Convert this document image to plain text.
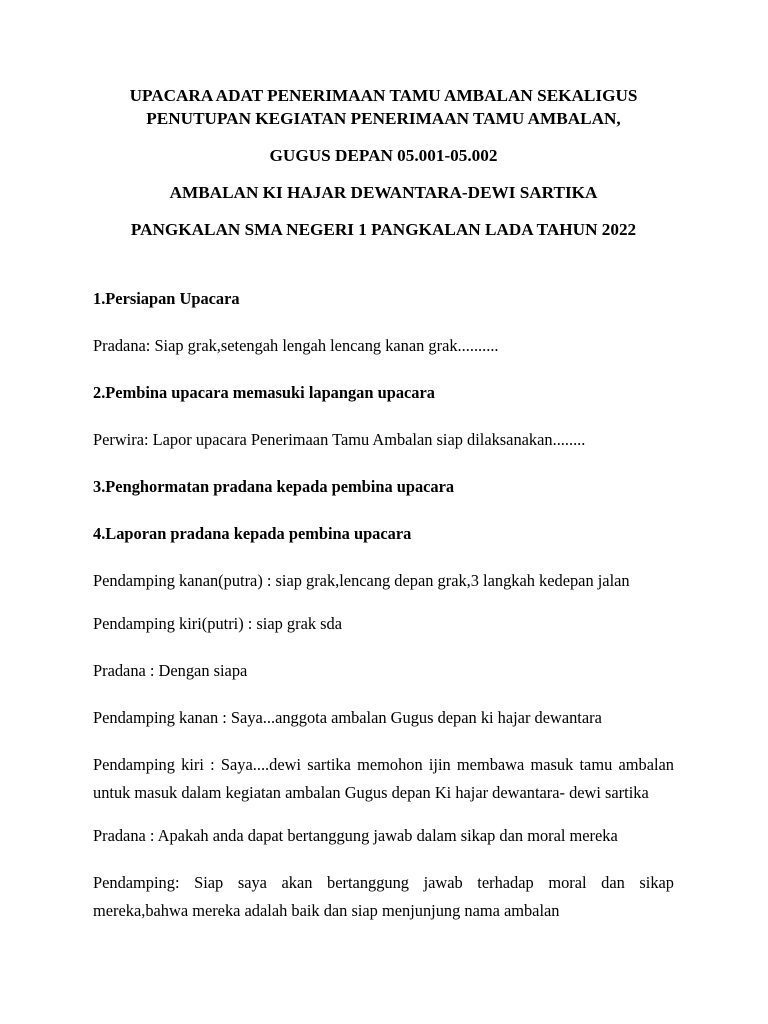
UPACARA ADAT PENERIMAAN TAMU AMBALAN SEKALIGUS

PENUTUPAN KEGIATAN PENERIMAAN TAMU AMBALAN,

GUGUS DEPAN 05.001-05.002

AMBALAN KI HAJAR DEWANTARA-DEWI SARTIKA

PANGKALAN SMA NEGERI 1 PANGKALAN LADA TAHUN 2022

1.Persiapan Upacara

Pradana: Siap grak,setengah lengah lencang kanan grak..........

2.Pembina upacara memasuki lapangan upacara

Perwira: Lapor upacara Penerimaan Tamu Ambalan siap dilaksanakan........

3.Penghormatan pradana kepada pembina upacara

4.Laporan pradana kepada pembina upacara

Pendamping kanan(putra) : siap grak,lencang depan grak,3 langkah kedepan jalan

Pendamping kiri(putri) : siap grak sda

Pradana : Dengan siapa

Pendamping kanan : Saya...anggota ambalan Gugus depan ki hajar dewantara

Pendamping kiri : Saya....dewi sartika memohon ijin membawa masuk tamu ambalan untuk masuk dalam kegiatan ambalan Gugus depan Ki hajar dewantara- dewi sartika

Pradana : Apakah anda dapat bertanggung jawab dalam sikap dan moral mereka

Pendamping: Siap saya akan bertanggung jawab terhadap moral dan sikap mereka,bahwa mereka adalah baik dan siap menjunjung nama ambalan
